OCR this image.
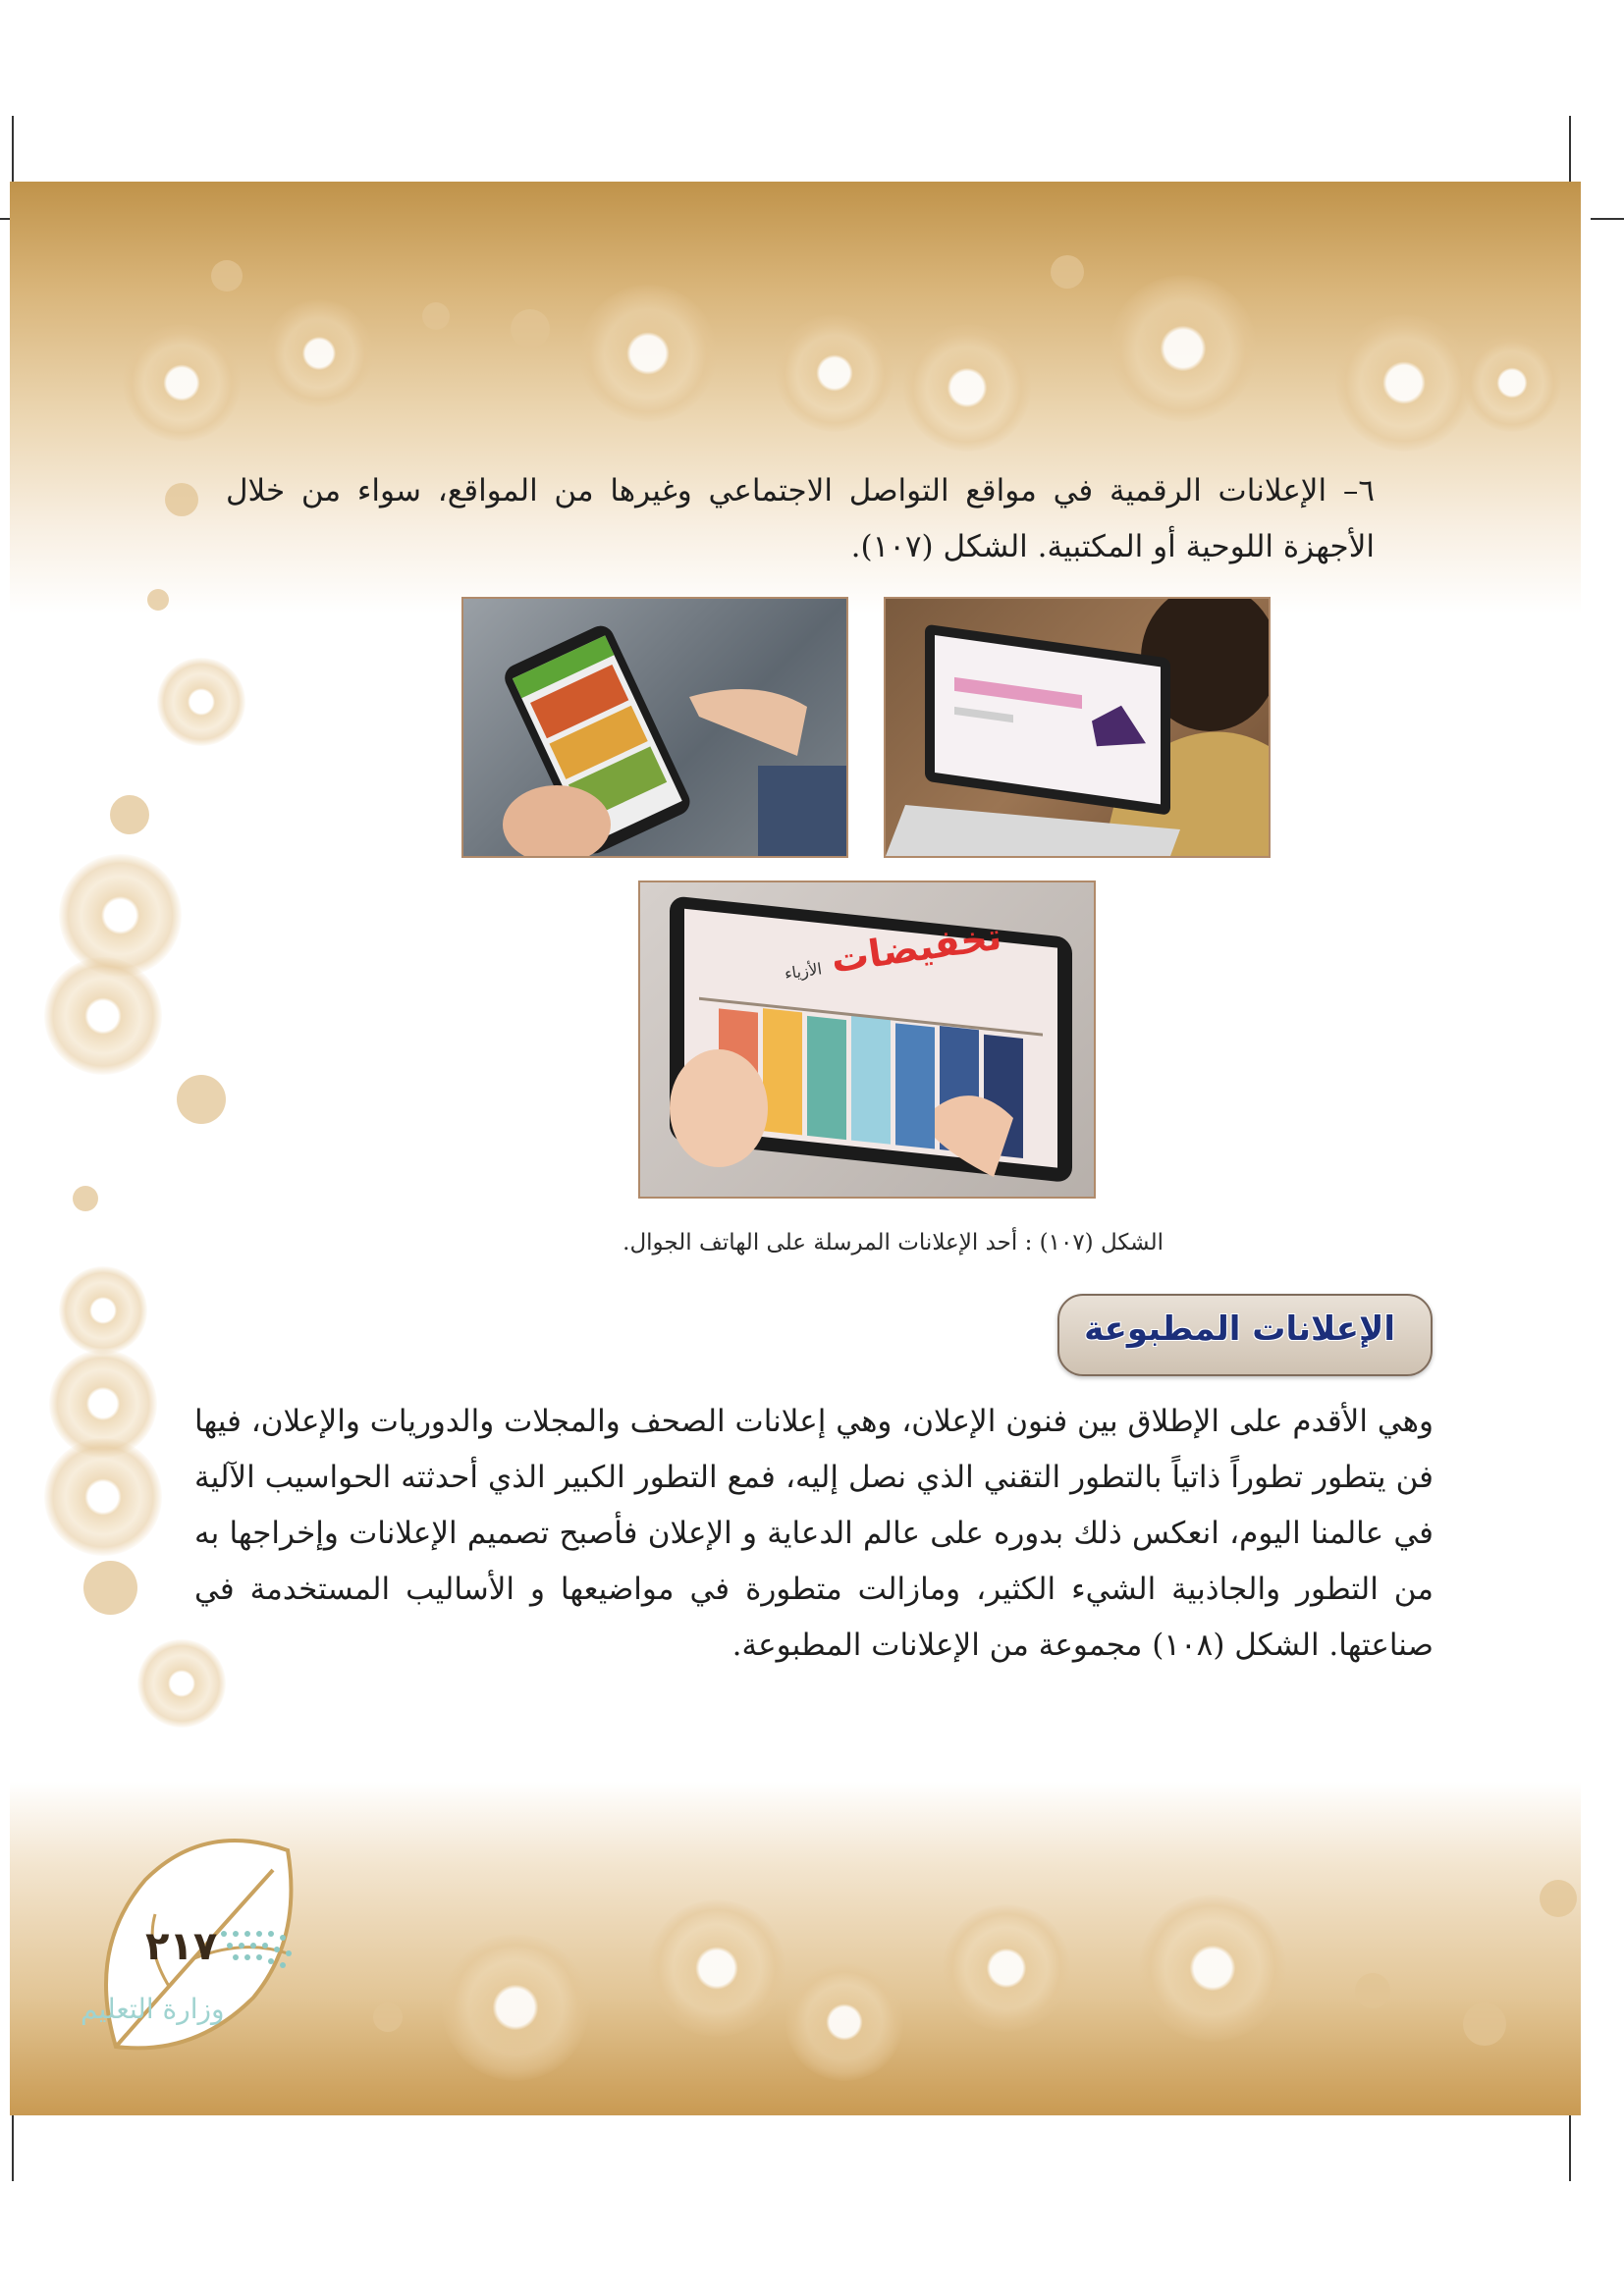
٦– الإعلانات الرقمية في مواقع التواصل الاجتماعي وغيرها من المواقع، سواء من خلال الأجهزة اللوحية أو المكتبية. الشكل (١٠٧).
تخفيضات الأزياء
الشكل (١٠٧) : أحد الإعلانات المرسلة على الهاتف الجوال.
الإعلانات المطبوعة
وهي الأقدم على الإطلاق بين فنون الإعلان، وهي إعلانات الصحف والمجلات والدوريات والإعلان، فيها فن يتطور تطوراً ذاتياً بالتطور التقني الذي نصل إليه، فمع التطور الكبير الذي أحدثته الحواسيب الآلية في عالمنا اليوم، انعكس ذلك بدوره على عالم الدعاية و الإعلان فأصبح تصميم الإعلانات وإخراجها به من التطور والجاذبية الشيء الكثير، ومازالت متطورة في مواضيعها و الأساليب المستخدمة في صناعتها. الشكل (١٠٨) مجموعة من الإعلانات المطبوعة.
٢١٧
وزارة التعليم
